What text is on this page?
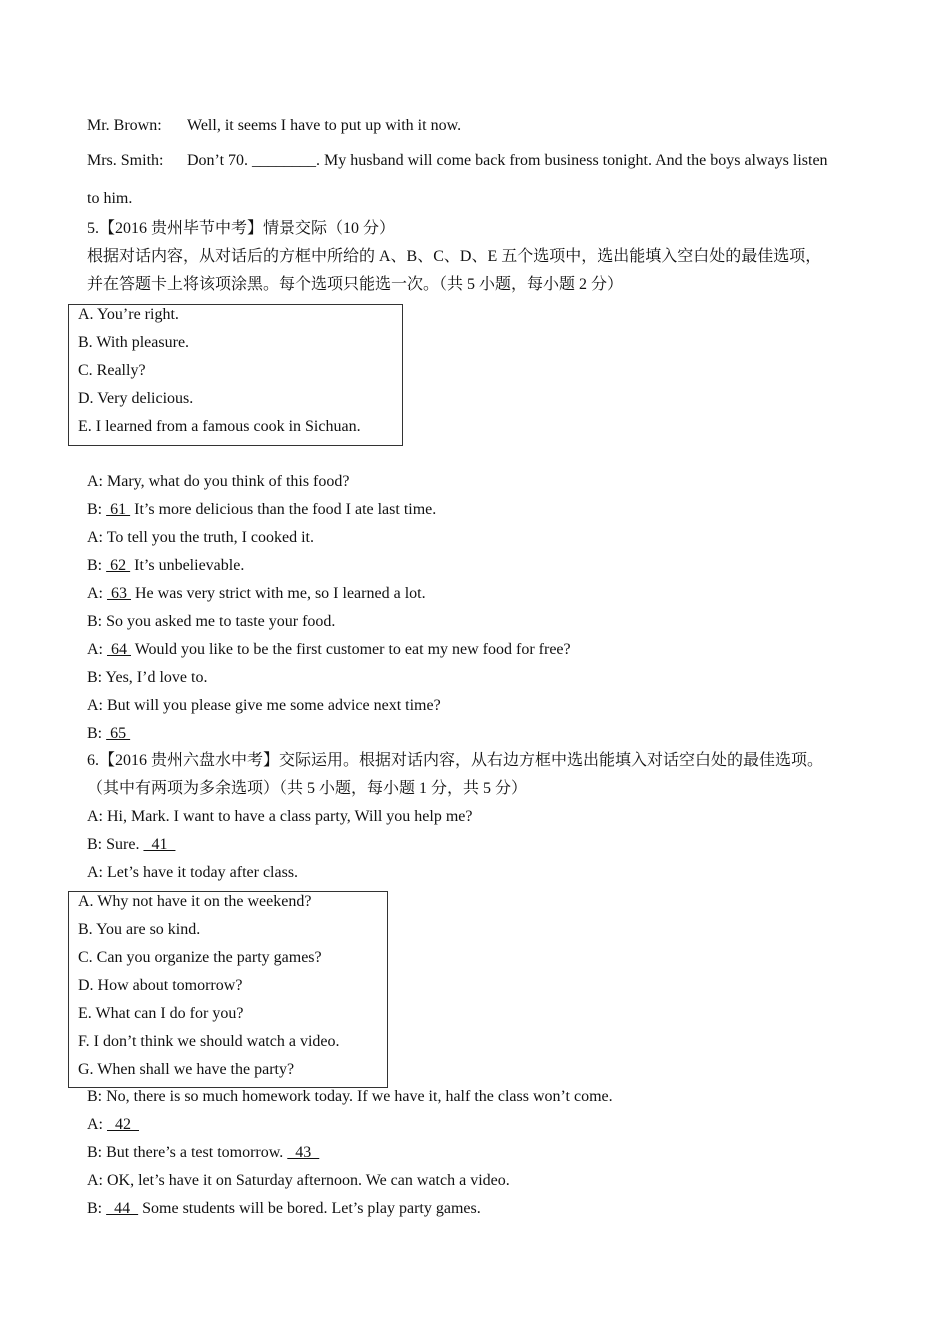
Mr. Brown: Well, it seems I have to put up with it now.
Mrs. Smith: Don’t 70. ________. My husband will come back from business tonight. And the boys always listen
to him.
5.【2016 贵州毕节中考】情景交际（10 分）
根据对话内容，从对话后的方框中所给的 A、B、C、D、E 五个选项中，选出能填入空白处的最佳选项，
并在答题卡上将该项涂黑。每个选项只能选一次。（共 5 小题，每小题 2 分）
A. You’re right.
B. With pleasure.
C. Really?
D. Very delicious.
E. I learned from a famous cook in Sichuan.
A: Mary, what do you think of this food?
B:  61  It’s more delicious than the food I ate last time.
A: To tell you the truth, I cooked it.
B:  62  It’s unbelievable.
A:  63  He was very strict with me, so I learned a lot.
B: So you asked me to taste your food.
A:  64  Would you like to be the first customer to eat my new food for free?
B: Yes, I’d love to.
A: But will you please give me some advice next time?
B:  65
6.【2016 贵州六盘水中考】交际运用。根据对话内容，从右边方框中选出能填入对话空白处的最佳选项。
（其中有两项为多余选项）（共 5 小题，每小题 1 分，共 5 分）
A: Hi, Mark. I want to have a class party, Will you help me?
B: Sure.   41
A: Let’s have it today after class.
A. Why not have it on the weekend?
B. You are so kind.
C. Can you organize the party games?
D. How about tomorrow?
E. What can I do for you?
F. I don’t think we should watch a video.
G. When shall we have the party?
B: No, there is so much homework today. If we have it, half the class won’t come.
A:   42
B: But there’s a test tomorrow.   43
A: OK, let’s have it on Saturday afternoon. We can watch a video.
B:   44   Some students will be bored. Let’s play party games.
